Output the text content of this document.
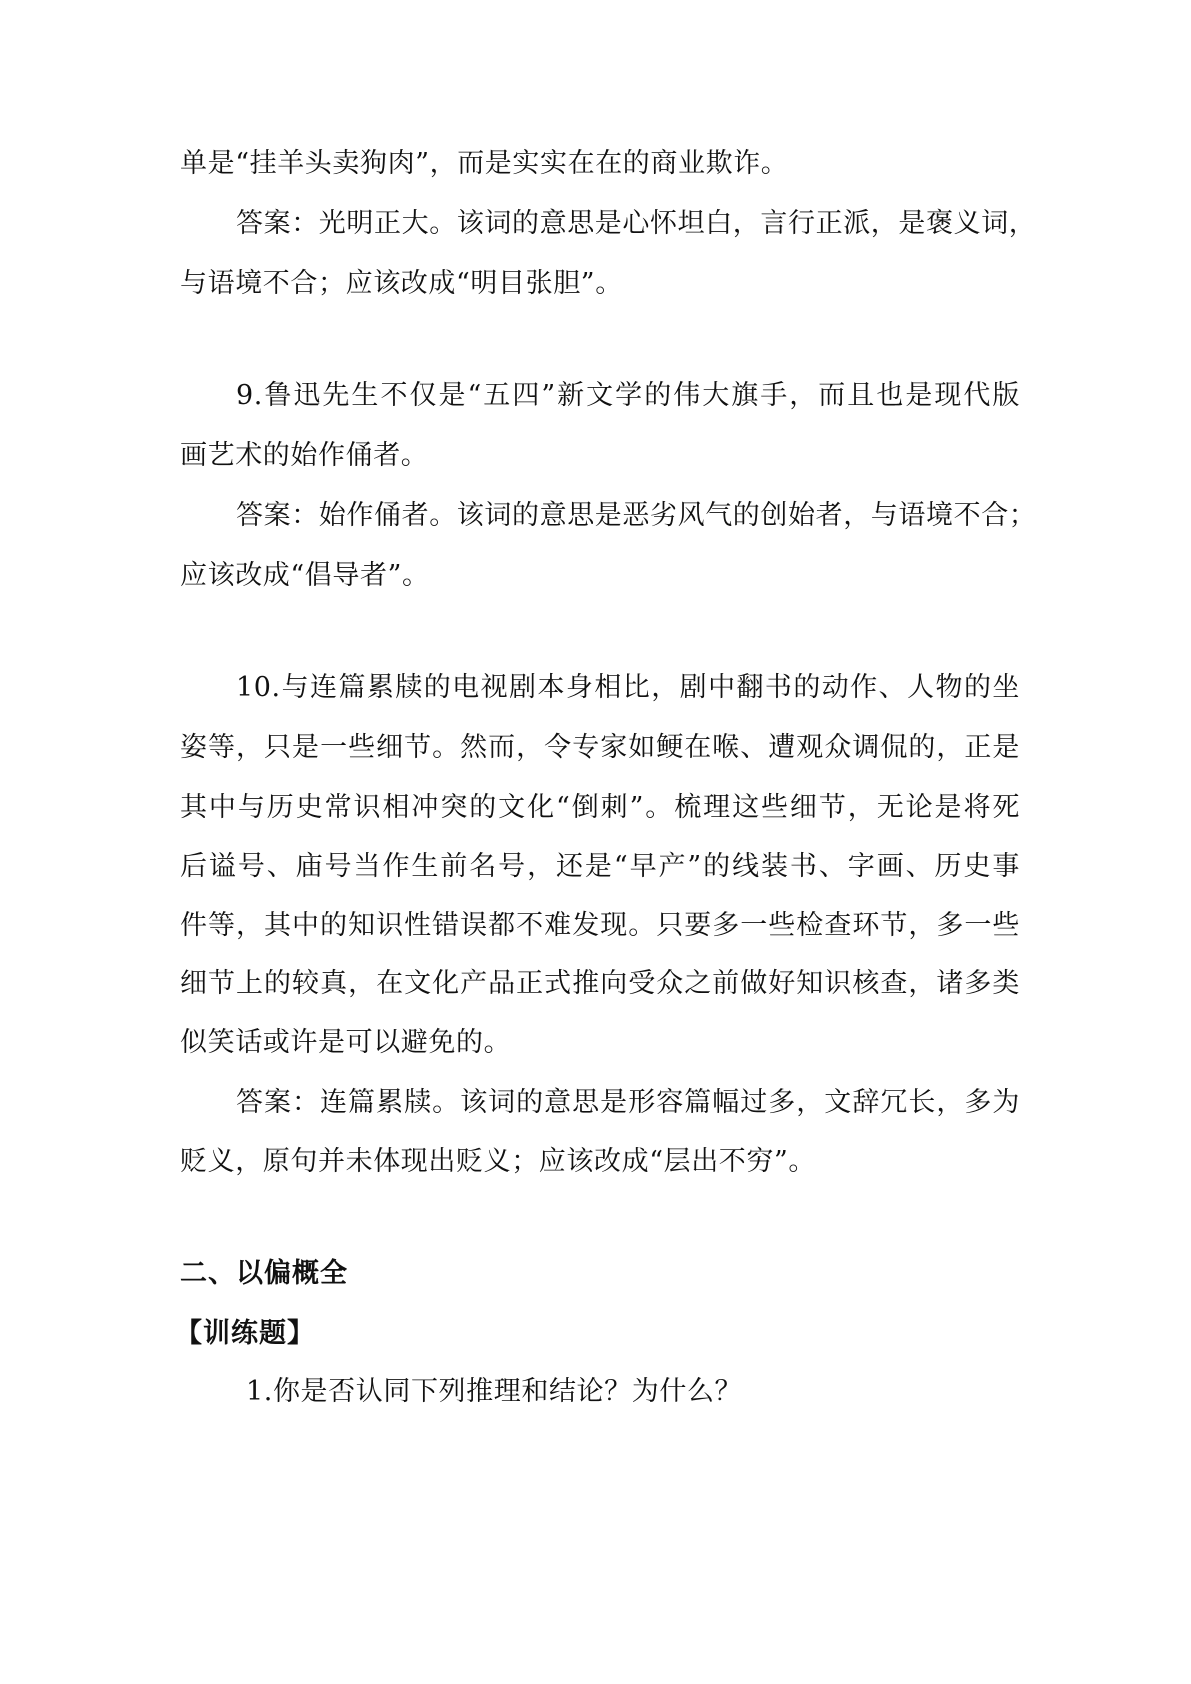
单是“挂羊头卖狗肉”，而是实实在在的商业欺诈。
答案：光明正大。该词的意思是心怀坦白，言行正派，是褒义词，
与语境不合；应该改成“明目张胆”。
9.鲁迅先生不仅是“五四”新文学的伟大旗手，而且也是现代版
画艺术的始作俑者。
答案：始作俑者。该词的意思是恶劣风气的创始者，与语境不合；
应该改成“倡导者”。
10.与连篇累牍的电视剧本身相比，剧中翻书的动作、人物的坐
姿等，只是一些细节。然而，令专家如鲠在喉、遭观众调侃的，正是
其中与历史常识相冲突的文化“倒刺”。梳理这些细节，无论是将死
后谥号、庙号当作生前名号，还是“早产”的线装书、字画、历史事
件等，其中的知识性错误都不难发现。只要多一些检查环节，多一些
细节上的较真，在文化产品正式推向受众之前做好知识核查，诸多类
似笑话或许是可以避免的。
答案：连篇累牍。该词的意思是形容篇幅过多，文辞冗长，多为
贬义，原句并未体现出贬义；应该改成“层出不穷”。
二、以偏概全
【训练题】
1.你是否认同下列推理和结论？为什么？
